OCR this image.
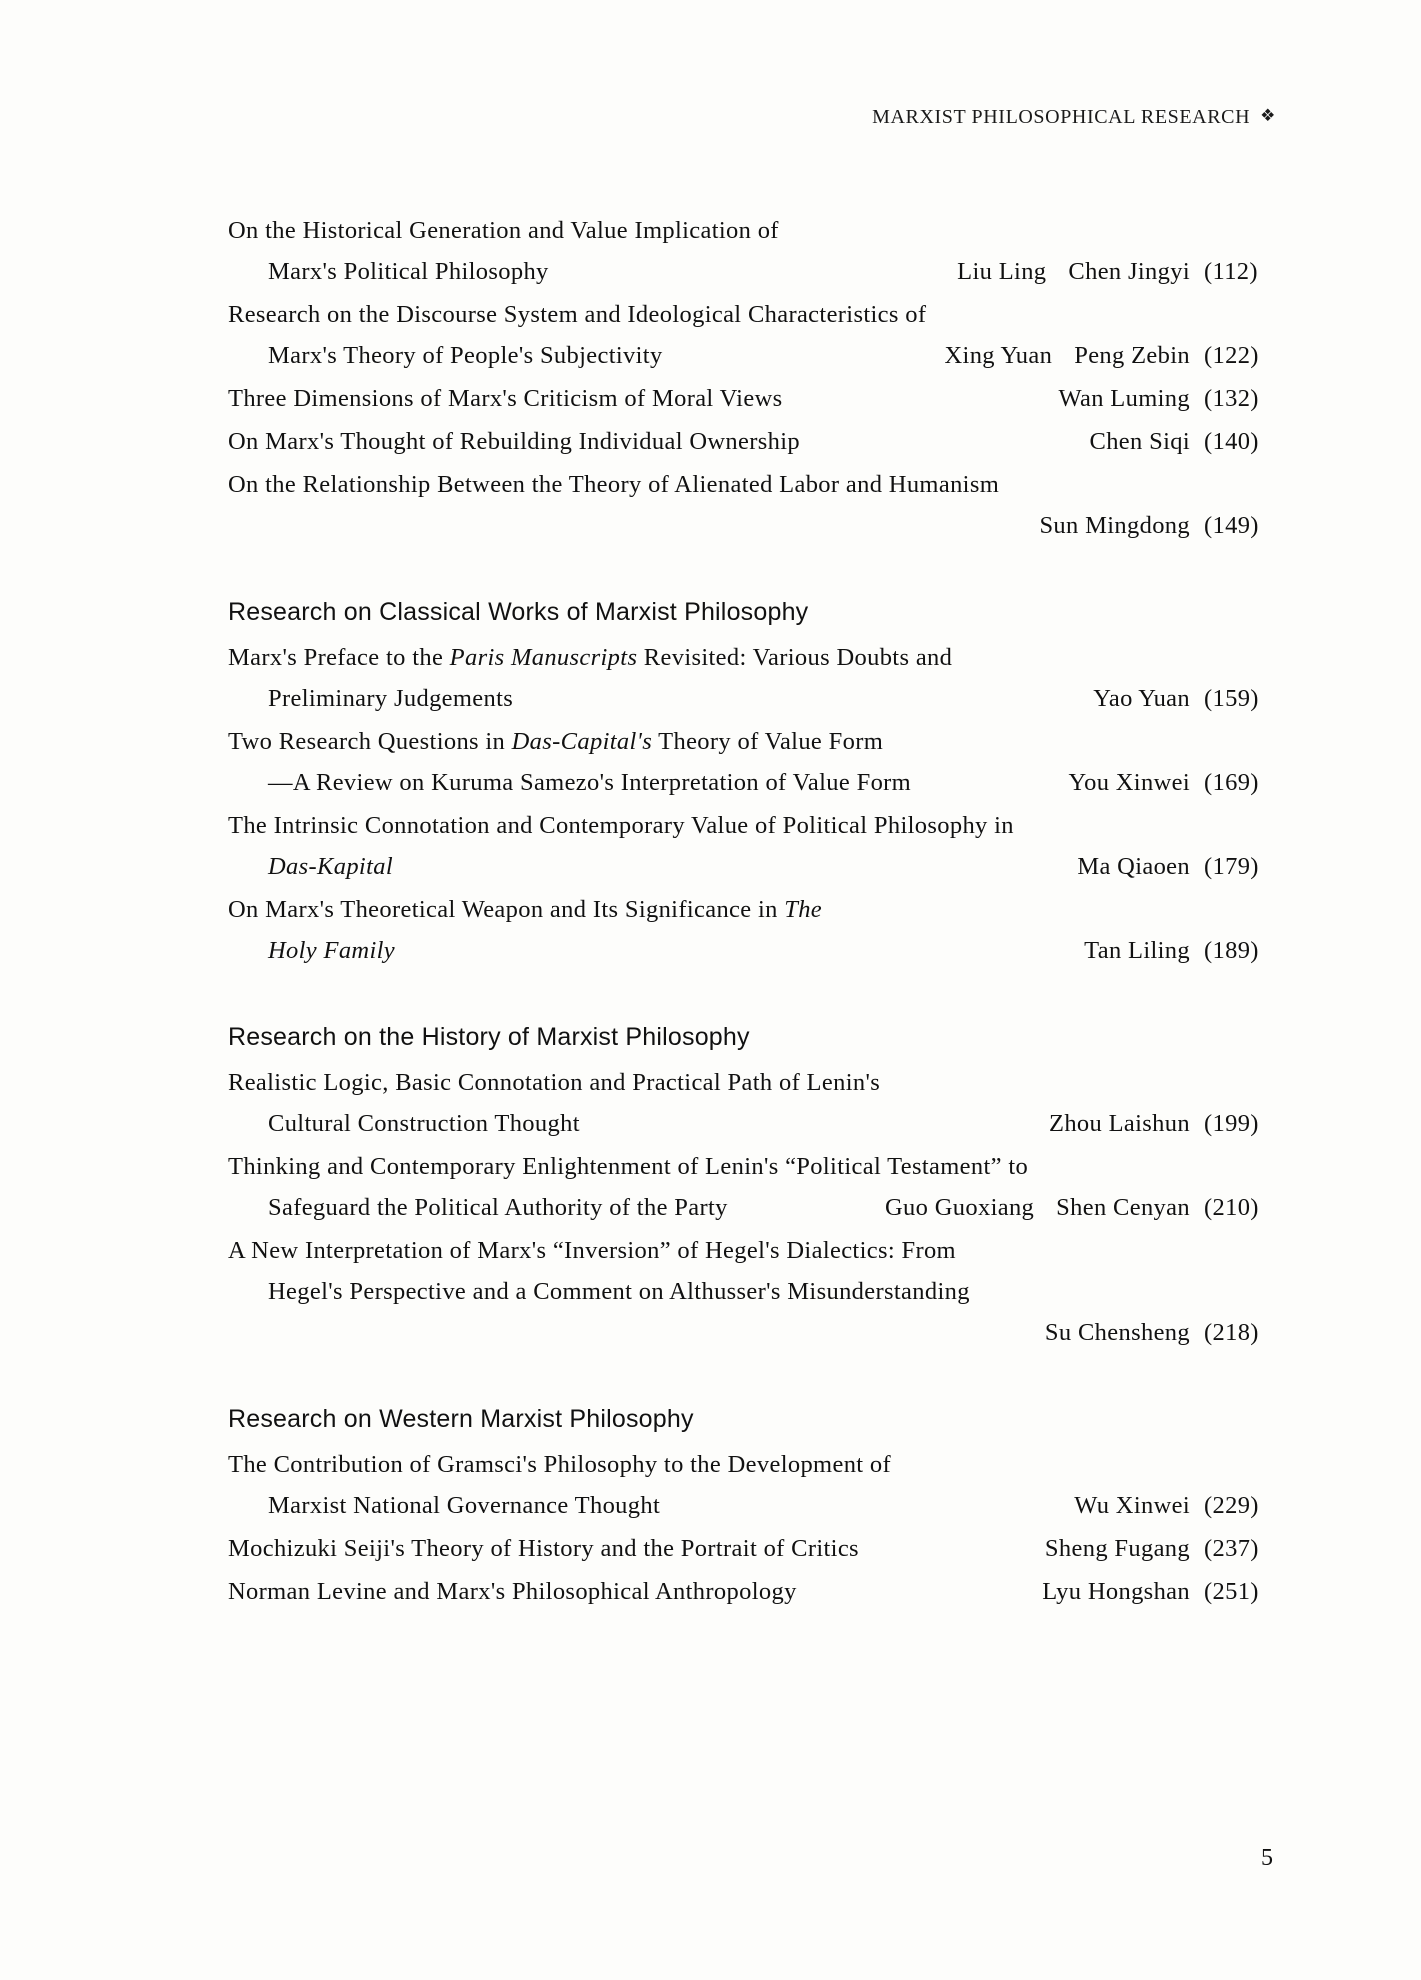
MARXIST PHILOSOPHICAL RESEARCH ❖
On the Historical Generation and Value Implication of
Marx's Political Philosophy	Liu Ling Chen Jingyi (112)
Research on the Discourse System and Ideological Characteristics of
Marx's Theory of People's Subjectivity	Xing Yuan Peng Zebin (122)
Three Dimensions of Marx's Criticism of Moral Views	Wan Luming (132)
On Marx's Thought of Rebuilding Individual Ownership	Chen Siqi (140)
On the Relationship Between the Theory of Alienated Labor and Humanism
Sun Mingdong (149)
Research on Classical Works of Marxist Philosophy
Marx's Preface to the Paris Manuscripts Revisited: Various Doubts and
Preliminary Judgements	Yao Yuan (159)
Two Research Questions in Das-Capital's Theory of Value Form
—A Review on Kuruma Samezo's Interpretation of Value Form	You Xinwei (169)
The Intrinsic Connotation and Contemporary Value of Political Philosophy in
Das-Kapital	Ma Qiaoen (179)
On Marx's Theoretical Weapon and Its Significance in The
Holy Family	Tan Liling (189)
Research on the History of Marxist Philosophy
Realistic Logic, Basic Connotation and Practical Path of Lenin's
Cultural Construction Thought	Zhou Laishun (199)
Thinking and Contemporary Enlightenment of Lenin's “Political Testament” to
Safeguard the Political Authority of the Party	Guo Guoxiang Shen Cenyan (210)
A New Interpretation of Marx's “Inversion” of Hegel's Dialectics: From
Hegel's Perspective and a Comment on Althusser's Misunderstanding
Su Chensheng (218)
Research on Western Marxist Philosophy
The Contribution of Gramsci's Philosophy to the Development of
Marxist National Governance Thought	Wu Xinwei (229)
Mochizuki Seiji's Theory of History and the Portrait of Critics	Sheng Fugang (237)
Norman Levine and Marx's Philosophical Anthropology	Lyu Hongshan (251)
5
